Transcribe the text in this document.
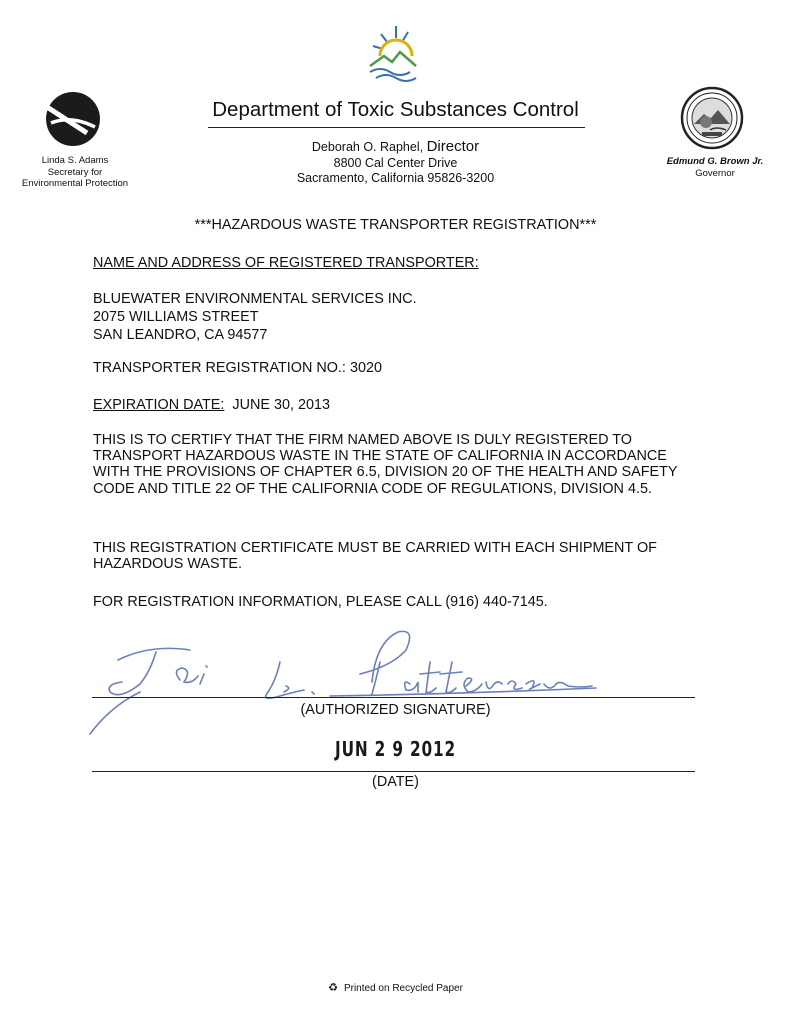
Department of Toxic Substances Control
Deborah O. Raphel, Director
8800 Cal Center Drive
Sacramento, California 95826-3200
Linda S. Adams
Secretary for
Environmental Protection
Edmund G. Brown Jr.
Governor
***HAZARDOUS WASTE TRANSPORTER REGISTRATION***
NAME AND ADDRESS OF REGISTERED TRANSPORTER:
BLUEWATER ENVIRONMENTAL SERVICES INC.
2075 WILLIAMS STREET
SAN LEANDRO, CA 94577
TRANSPORTER REGISTRATION NO.: 3020
EXPIRATION DATE: JUNE 30, 2013
THIS IS TO CERTIFY THAT THE FIRM NAMED ABOVE IS DULY REGISTERED TO TRANSPORT HAZARDOUS WASTE IN THE STATE OF CALIFORNIA IN ACCORDANCE WITH THE PROVISIONS OF CHAPTER 6.5, DIVISION 20 OF THE HEALTH AND SAFETY CODE AND TITLE 22 OF THE CALIFORNIA CODE OF REGULATIONS, DIVISION 4.5.
THIS REGISTRATION CERTIFICATE MUST BE CARRIED WITH EACH SHIPMENT OF HAZARDOUS WASTE.
FOR REGISTRATION INFORMATION, PLEASE CALL (916) 440-7145.
(AUTHORIZED SIGNATURE)
JUN 2 9 2012
(DATE)
♻ Printed on Recycled Paper
